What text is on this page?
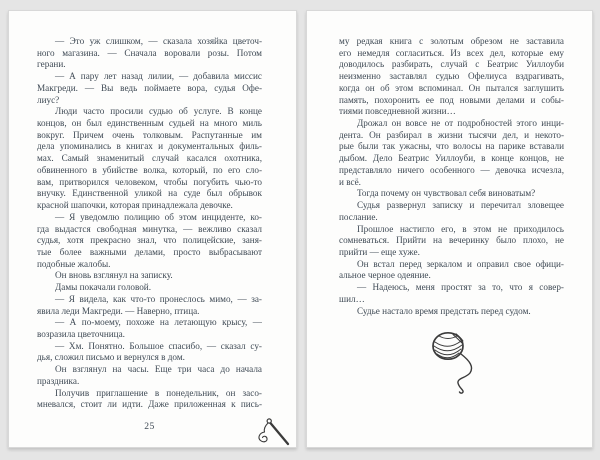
— Это уж слишком, — сказала хозяйка цветоч-
ного магазина. — Сначала воровали розы. Потом
герани.
— А пару лет назад лилии, — добавила миссис
Макгреди. — Вы ведь поймаете вора, судья Офе-
лиус?
Люди часто просили судью об услуге. В конце
концов, он был единственным судьей на много миль
вокруг. Причем очень толковым. Распутанные им
дела упоминались в книгах и документальных филь-
мах. Самый знаменитый случай касался охотника,
обвиненного в убийстве волка, который, по его сло-
вам, притворился человеком, чтобы погубить чью-то
внучку. Единственной уликой на суде был обрывок
красной шапочки, которая принадлежала девочке.
— Я уведомлю полицию об этом инциденте, ко-
гда выдастся свободная минутка, — вежливо сказал
судья, хотя прекрасно знал, что полицейские, заня-
тые более важными делами, просто выбрасывают
подобные жалобы.
Он вновь взглянул на записку.
Дамы покачали головой.
— Я видела, как что-то пронеслось мимо, — за-
явила леди Макгреди. — Наверно, птица.
— А по-моему, похоже на летающую крысу, —
возразила цветочница.
— Хм. Понятно. Большое спасибо, — сказал су-
дья, сложил письмо и вернулся в дом.
Он взглянул на часы. Еще три часа до начала
праздника.
Получив приглашение в понедельник, он засо-
мневался, стоит ли идти. Даже приложенная к пись-
25
му редкая книга с золотым обрезом не заставила
его немедля согласиться. Из всех дел, которые ему
доводилось разбирать, случай с Беатрис Уиллоуби
неизменно заставлял судью Офелиуса вздрагивать,
когда он об этом вспоминал. Он пытался заглушить
память, похоронить ее под новыми делами и собы-
тиями повседневной жизни…
Дрожал он вовсе не от подробностей этого инци-
дента. Он разбирал в жизни тысячи дел, и некото-
рые были так ужасны, что волосы на парике вставали
дыбом. Дело Беатрис Уиллоуби, в конце концов, не
представляло ничего особенного — девочка исчезла,
и всё.
Тогда почему он чувствовал себя виноватым?
Судья развернул записку и перечитал зловещее
послание.
Прошлое настигло его, в этом не приходилось
сомневаться. Прийти на вечеринку было плохо, не
прийти — еще хуже.
Он встал перед зеркалом и оправил свое офици-
альное черное одеяние.
— Надеюсь, меня простят за то, что я совер-
шил…
Судье настало время предстать перед судом.
